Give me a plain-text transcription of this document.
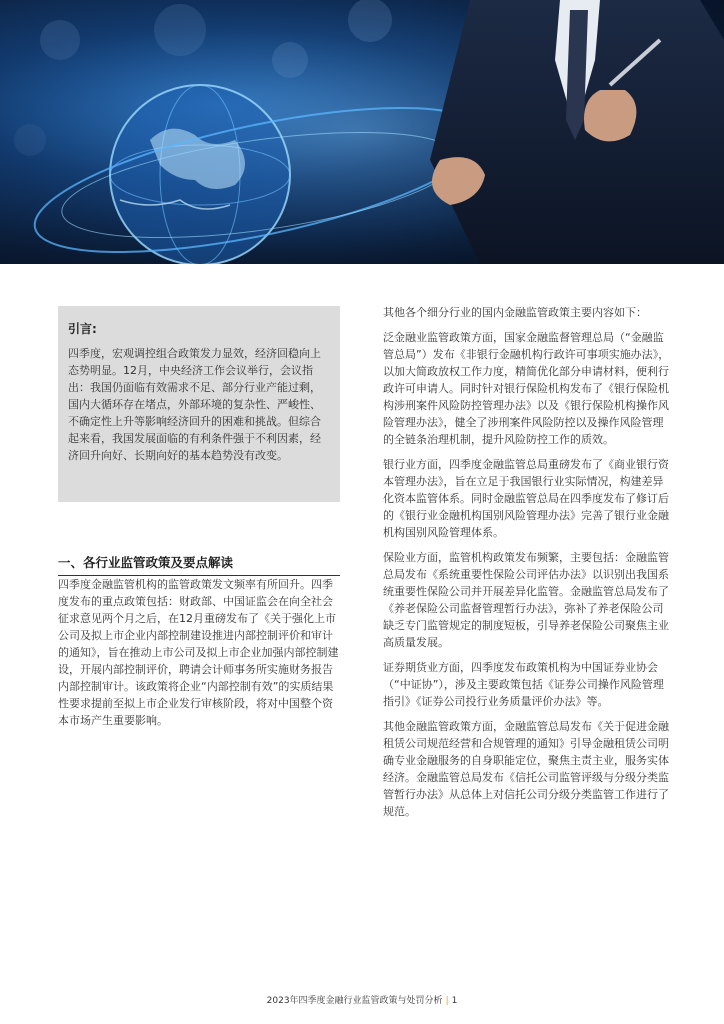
引言:
四季度，宏观调控组合政策发力显效，经济回稳向上态势明显。12月，中央经济工作会议举行，会议指出：我国仍面临有效需求不足、部分行业产能过剩，国内大循环存在堵点，外部环境的复杂性、严峻性、不确定性上升等影响经济回升的困难和挑战。但综合起来看，我国发展面临的有利条件强于不利因素，经济回升向好、长期向好的基本趋势没有改变。
一、各行业监管政策及要点解读

四季度金融监管机构的监管政策发文频率有所回升。四季度发布的重点政策包括：财政部、中国证监会在向全社会征求意见两个月之后，在12月重磅发布了《关于强化上市公司及拟上市企业内部控制建设推进内部控制评价和审计的通知》，旨在推动上市公司及拟上市企业加强内部控制建设，开展内部控制评价，聘请会计师事务所实施财务报告内部控制审计。该政策将企业“内部控制有效”的实质结果性要求提前至拟上市企业发行审核阶段，将对中国整个资本市场产生重要影响。

其他各个细分行业的国内金融监管政策主要内容如下：

泛金融业监管政策方面，国家金融监督管理总局（“金融监管总局”）发布《非银行金融机构行政许可事项实施办法》，以加大简政放权工作力度，精简优化部分申请材料，便利行政许可申请人。同时针对银行保险机构发布了《银行保险机构涉刑案件风险防控管理办法》以及《银行保险机构操作风险管理办法》，健全了涉刑案件风险防控以及操作风险管理的全链条治理机制，提升风险防控工作的质效。

银行业方面，四季度金融监管总局重磅发布了《商业银行资本管理办法》，旨在立足于我国银行业实际情况，构建差异化资本监管体系。同时金融监管总局在四季度发布了修订后的《银行业金融机构国别风险管理办法》完善了银行业金融机构国别风险管理体系。

保险业方面，监管机构政策发布频繁，主要包括：金融监管总局发布《系统重要性保险公司评估办法》以识别出我国系统重要性保险公司并开展差异化监管。金融监管总局发布了《养老保险公司监督管理暂行办法》，弥补了养老保险公司缺乏专门监管规定的制度短板，引导养老保险公司聚焦主业高质量发展。

证券期货业方面，四季度发布政策机构为中国证券业协会（“中证协”），涉及主要政策包括《证券公司操作风险管理指引》《证券公司投行业务质量评价办法》等。

其他金融监管政策方面，金融监管总局发布《关于促进金融租赁公司规范经营和合规管理的通知》引导金融租赁公司明确专业金融服务的自身职能定位，聚焦主责主业，服务实体经济。金融监管总局发布《信托公司监管评级与分级分类监管暂行办法》从总体上对信托公司分级分类监管工作进行了规范。

2023年四季度金融行业监管政策与处罚分析 | 1
